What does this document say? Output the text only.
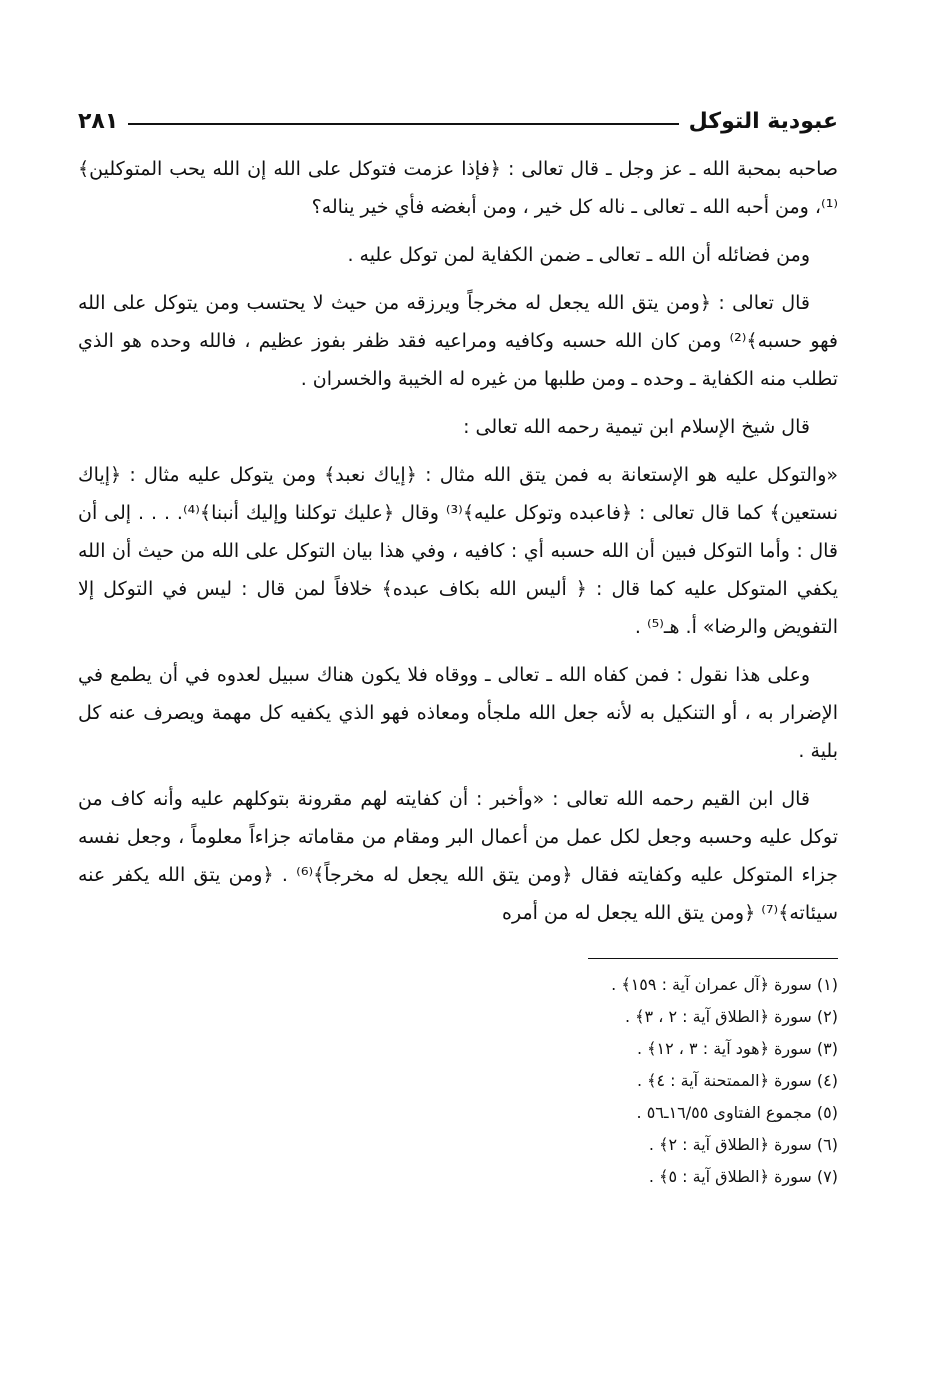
عبودية التوكل
٢٨١

صاحبه بمحبة الله ـ عز وجل ـ قال تعالى : ﴿فإذا عزمت فتوكل على الله إن الله يحب المتوكلين﴾⁽¹⁾، ومن أحبه الله ـ تعالى ـ ناله كل خير ، ومن أبغضه فأي خير يناله؟

ومن فضائله أن الله ـ تعالى ـ ضمن الكفاية لمن توكل عليه .

قال تعالى : ﴿ومن يتق الله يجعل له مخرجاً ويرزقه من حيث لا يحتسب ومن يتوكل على الله فهو حسبه﴾⁽²⁾ ومن كان الله حسبه وكافيه ومراعيه فقد ظفر بفوز عظيم ، فالله وحده هو الذي تطلب منه الكفاية ـ وحده ـ ومن طلبها من غيره له الخيبة والخسران .

قال شيخ الإسلام ابن تيمية رحمه الله تعالى :

«والتوكل عليه هو الإستعانة به فمن يتق الله مثال : ﴿إياك نعبد﴾ ومن يتوكل عليه مثال : ﴿إياك نستعين﴾ كما قال تعالى : ﴿فاعبده وتوكل عليه﴾⁽³⁾ وقال ﴿عليك توكلنا وإليك أنبنا﴾⁽⁴⁾. . . . إلى أن قال : وأما التوكل فبين أن الله حسبه أي : كافيه ، وفي هذا بيان التوكل على الله من حيث أن الله يكفي المتوكل عليه كما قال : ﴿ أليس الله بكاف عبده﴾ خلافاً لمن قال : ليس في التوكل إلا التفويض والرضا» أ. هـ⁽⁵⁾ .

وعلى هذا نقول : فمن كفاه الله ـ تعالى ـ ووقاه فلا يكون هناك سبيل لعدوه في أن يطمع في الإضرار به ، أو التنكيل به لأنه جعل الله ملجأه ومعاذه فهو الذي يكفيه كل مهمة ويصرف عنه كل بلية .

قال ابن القيم رحمه الله تعالى : «وأخبر : أن كفايته لهم مقرونة بتوكلهم عليه وأنه كاف من توكل عليه وحسبه وجعل لكل عمل من أعمال البر ومقام من مقاماته جزاءاً معلوماً ، وجعل نفسه جزاء المتوكل عليه وكفايته فقال ﴿ومن يتق الله يجعل له مخرجاً﴾⁽⁶⁾ . ﴿ومن يتق الله يكفر عنه سيئاته﴾⁽⁷⁾ ﴿ومن يتق الله يجعل له من أمره

(١) سورة ﴿آل عمران آية : ١٥٩﴾ .
(٢) سورة ﴿الطلاق آية : ٢ ، ٣﴾ .
(٣) سورة ﴿هود آية : ٣ ، ١٢﴾ .
(٤) سورة ﴿الممتحنة آية : ٤﴾ .
(٥) مجموع الفتاوى ١٦/٥٥ـ٥٦ .
(٦) سورة ﴿الطلاق آية : ٢﴾ .
(٧) سورة ﴿الطلاق آية : ٥﴾ .
